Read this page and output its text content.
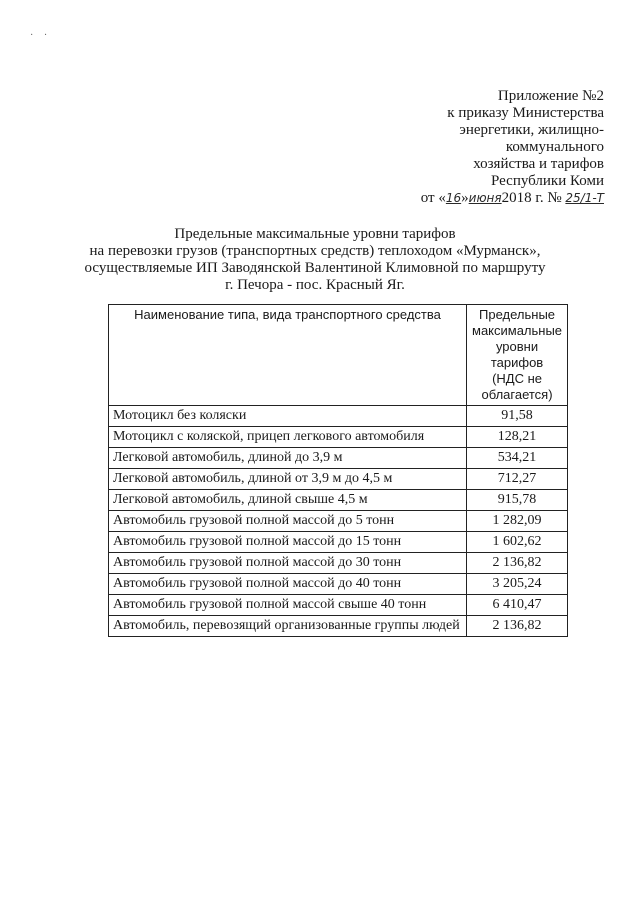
· ·
Приложение №2
к приказу Министерства
энергетики, жилищно-
коммунального
хозяйства и тарифов
Республики Коми
от «16»июня2018 г. № 25/1-Т
Предельные максимальные уровни тарифов
на перевозки грузов (транспортных средств) теплоходом «Мурманск»,
осуществляемые ИП Заводянской Валентиной Климовной по маршруту
г. Печора - пос. Красный Яг.
Наименование типа, вида транспортного средства	Предельные
максимальные
уровни тарифов
(НДС не
облагается)

Мотоцикл без коляски	91,58
Мотоцикл с коляской, прицеп легкового автомобиля	128,21
Легковой автомобиль, длиной до 3,9 м	534,21
Легковой автомобиль, длиной от 3,9 м до 4,5 м	712,27
Легковой автомобиль, длиной свыше 4,5 м	915,78
Автомобиль грузовой полной массой до 5 тонн	1 282,09
Автомобиль грузовой полной массой до 15 тонн	1 602,62
Автомобиль грузовой полной массой до 30 тонн	2 136,82
Автомобиль грузовой полной массой до 40 тонн	3 205,24
Автомобиль грузовой полной массой свыше 40 тонн	6 410,47
Автомобиль, перевозящий организованные группы людей	2 136,82
